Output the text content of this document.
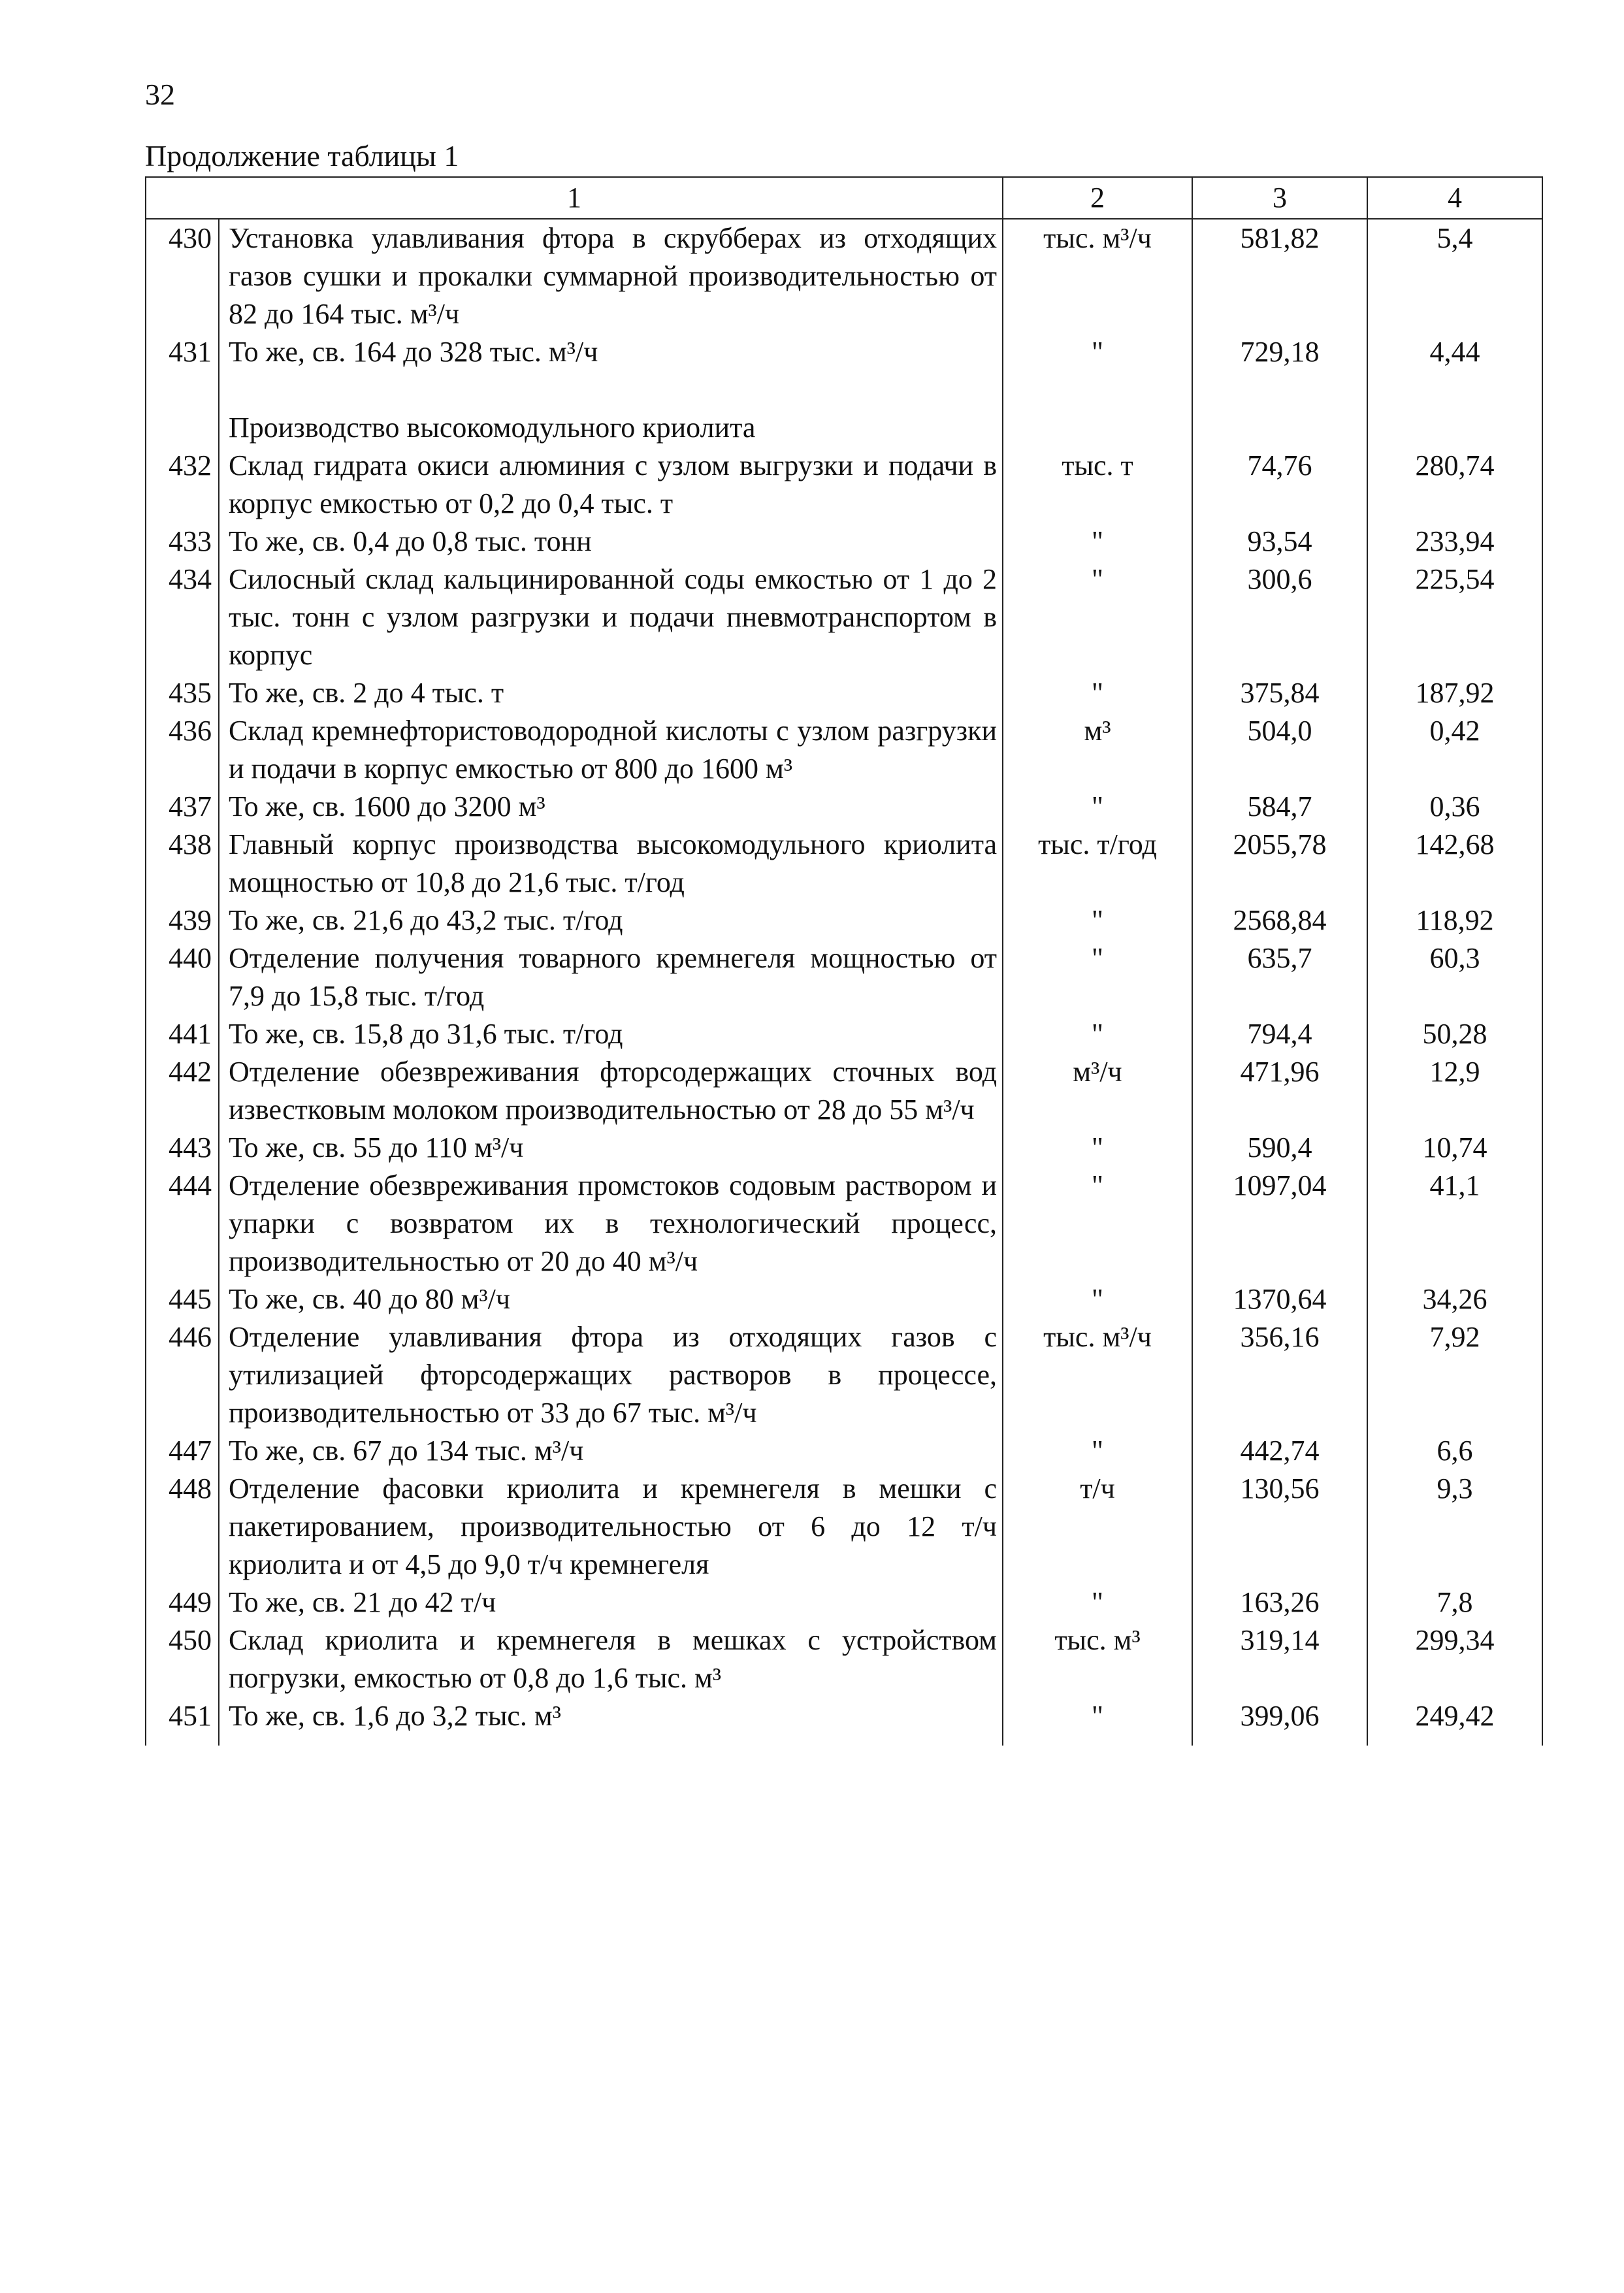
32
Продолжение таблицы 1
1		2	3	4
430	Установка улавливания фтора в скрубберах из отходящих газов сушки и прокалки суммарной производительностью от 82 до 164 тыс. м³/ч	тыс. м³/ч	581,82	5,4
431	То же, св. 164 до 328 тыс. м³/ч	"	729,18	4,44
	Производство высокомодульного криолита			
432	Склад гидрата окиси алюминия с узлом выгрузки и подачи в корпус емкостью от 0,2 до 0,4 тыс. т	тыс. т	74,76	280,74
433	То же, св. 0,4 до 0,8 тыс. тонн	"	93,54	233,94
434	Силосный склад кальцинированной соды емкостью от 1 до 2 тыс. тонн с узлом разгрузки и подачи пневмотранспортом в корпус	"	300,6	225,54
435	То же, св. 2 до 4 тыс. т	"	375,84	187,92
436	Склад кремнефтористоводородной кислоты с узлом разгрузки и подачи в корпус емкостью от 800 до 1600 м³	м³	504,0	0,42
437	То же, св. 1600 до 3200 м³	"	584,7	0,36
438	Главный корпус производства высокомодульного криолита мощностью от 10,8 до 21,6 тыс. т/год	тыс. т/год	2055,78	142,68
439	То же, св. 21,6 до 43,2 тыс. т/год	"	2568,84	118,92
440	Отделение получения товарного кремнегеля мощностью от 7,9 до 15,8 тыс. т/год	"	635,7	60,3
441	То же, св. 15,8 до 31,6 тыс. т/год	"	794,4	50,28
442	Отделение обезвреживания фторсодержащих сточных вод известковым молоком производительностью от 28 до 55 м³/ч	м³/ч	471,96	12,9
443	То же, св. 55 до 110 м³/ч	"	590,4	10,74
444	Отделение обезвреживания промстоков содовым раствором и упарки с возвратом их в технологический процесс, производительностью от 20 до 40 м³/ч	"	1097,04	41,1
445	То же, св. 40 до 80 м³/ч	"	1370,64	34,26
446	Отделение улавливания фтора из отходящих газов с утилизацией фторсодержащих растворов в процессе, производительностью от 33 до 67 тыс. м³/ч	тыс. м³/ч	356,16	7,92
447	То же, св. 67 до 134 тыс. м³/ч	"	442,74	6,6
448	Отделение фасовки криолита и кремнегеля в мешки с пакетированием, производительностью от 6 до 12 т/ч криолита и от 4,5 до 9,0 т/ч кремнегеля	т/ч	130,56	9,3
449	То же, св. 21 до 42 т/ч	"	163,26	7,8
450	Склад криолита и кремнегеля в мешках с устройством погрузки, емкостью от 0,8 до 1,6 тыс. м³	тыс. м³	319,14	299,34
451	То же, св. 1,6 до 3,2 тыс. м³	"	399,06	249,42
